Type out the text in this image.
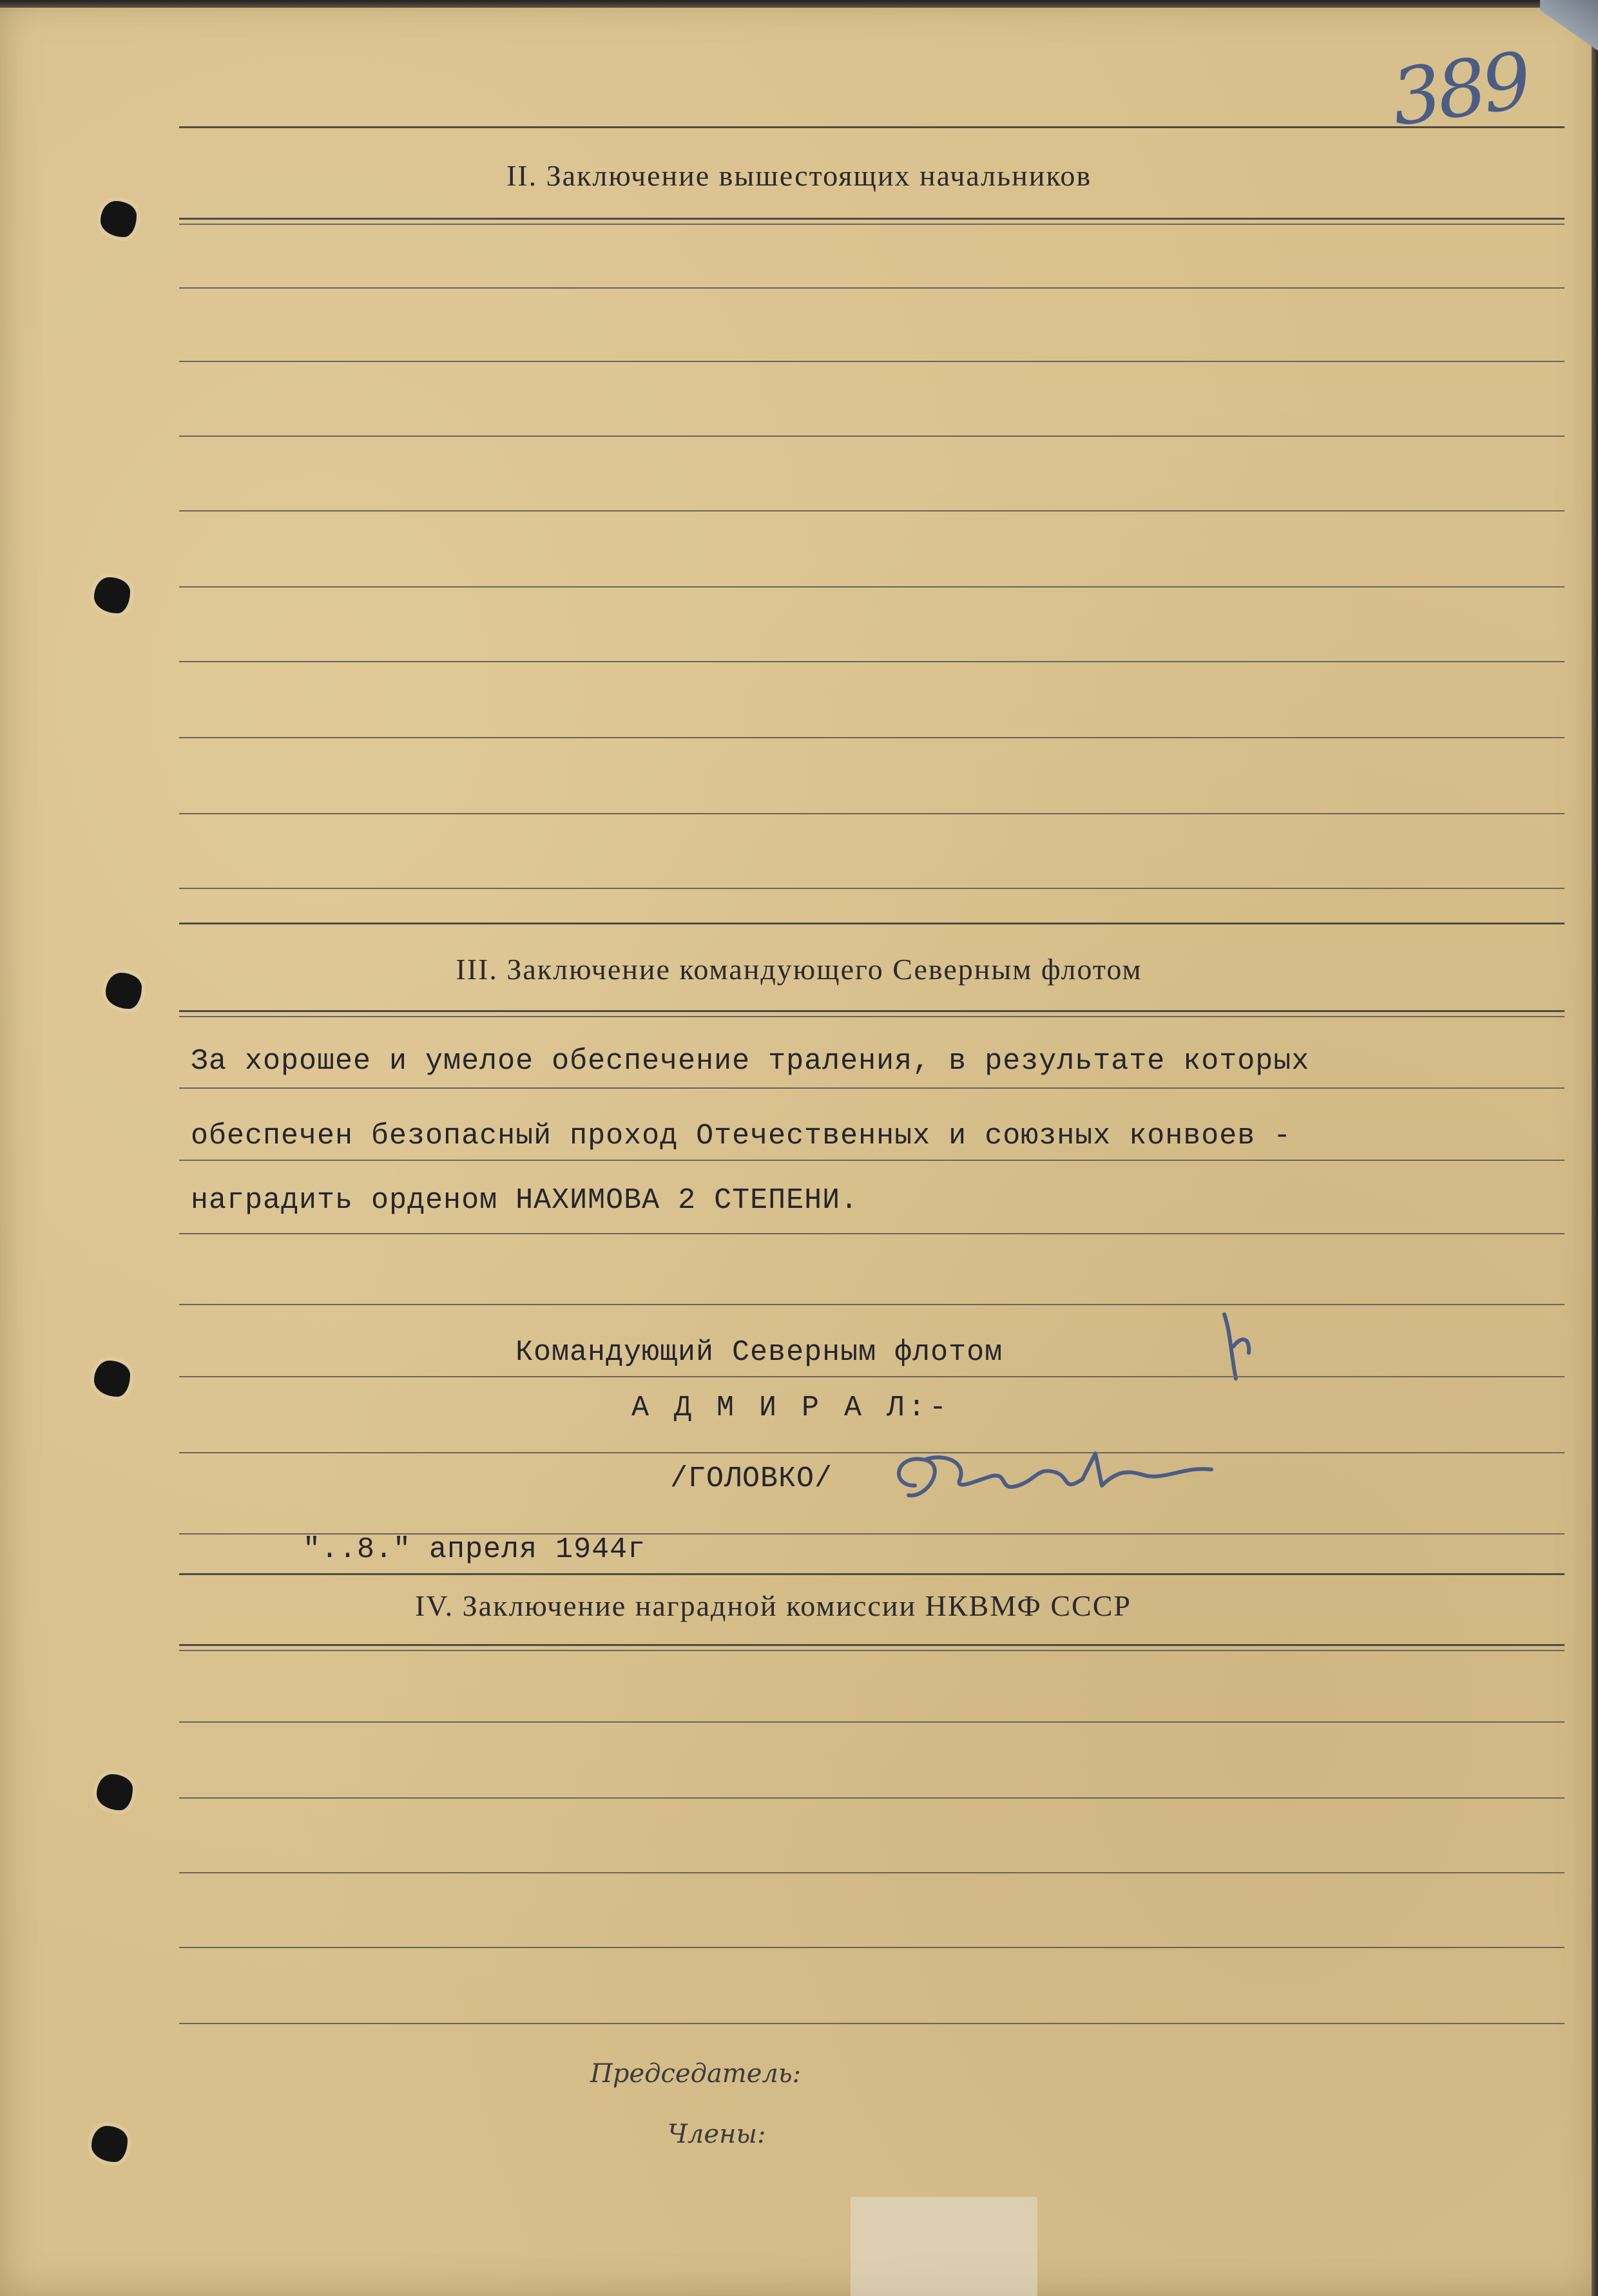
389
II. Заключение вышестоящих начальников
III. Заключение командующего Северным флотом
За хорошее и умелое обеспечение траления, в результате которых
обеспечен безопасный проход Отечественных и союзных конвоев -
наградить орденом НАХИМОВА 2 СТЕПЕНИ.
Командующий Северным флотом
А Д М И Р А Л:-
/ГОЛОВКО/
"..8." апреля 1944г
IV. Заключение наградной комиссии НКВМФ СССР
Председатель:
Члены:
